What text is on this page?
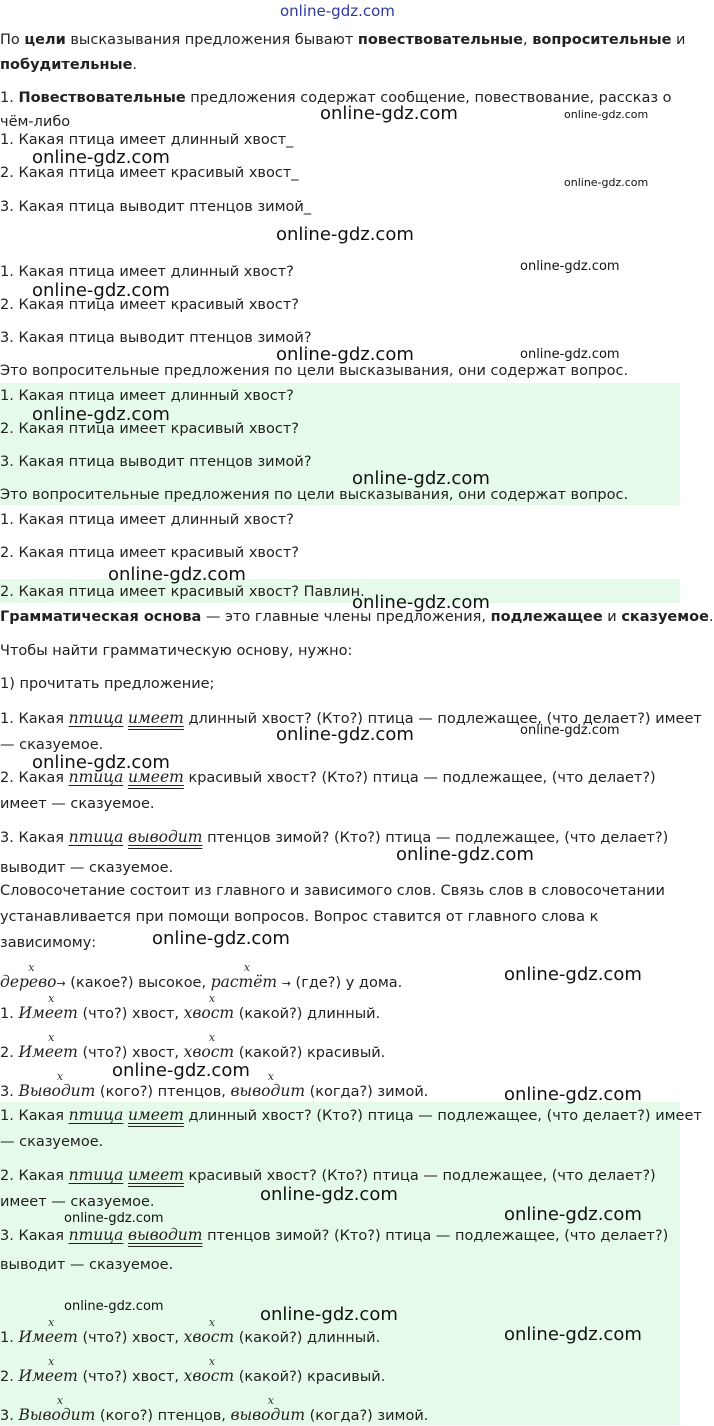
online-gdz.com
По цели высказывания предложения бывают повествовательные, вопросительные и
побудительные.
1. Повествовательные предложения содержат сообщение, повествование, рассказ о
чём-либо
1. Какая птица имеет длинный хвост_
2. Какая птица имеет красивый хвост_
3. Какая птица выводит птенцов зимой_
1. Какая птица имеет длинный хвост?
2. Какая птица имеет красивый хвост?
3. Какая птица выводит птенцов зимой?
Это вопросительные предложения по цели высказывания, они содержат вопрос.
1. Какая птица имеет длинный хвост?
2. Какая птица имеет красивый хвост?
3. Какая птица выводит птенцов зимой?
Это вопросительные предложения по цели высказывания, они содержат вопрос.
1. Какая птица имеет длинный хвост?
2. Какая птица имеет красивый хвост?
2. Какая птица имеет красивый хвост? Павлин.
Грамматическая основа — это главные члены предложения, подлежащее и сказуемое.
Чтобы найти грамматическую основу, нужно:
1) прочитать предложение;
1. Какая птица имеет длинный хвост? (Кто?) птица — подлежащее, (что делает?) имеет
— сказуемое.
2. Какая птица имеет красивый хвост? (Кто?) птица — подлежащее, (что делает?)
имеет — сказуемое.
3. Какая птица выводит птенцов зимой? (Кто?) птица — подлежащее, (что делает?)
выводит — сказуемое.
Словосочетание состоит из главного и зависимого слов. Связь слов в словосочетании
устанавливается при помощи вопросов. Вопрос ставится от главного слова к
зависимому:
x дерево→ (какое?) высокое, x растёт → (где?) у дома.
1. x Имеет (что?) хвост, x хвост (какой?) длинный.
2. x Имеет (что?) хвост, x хвост (какой?) красивый.
3. x Выводит (кого?) птенцов, x выводит (когда?) зимой.
1. Какая птица имеет длинный хвост? (Кто?) птица — подлежащее, (что делает?) имеет
— сказуемое.
2. Какая птица имеет красивый хвост? (Кто?) птица — подлежащее, (что делает?)
имеет — сказуемое.
3. Какая птица выводит птенцов зимой? (Кто?) птица — подлежащее, (что делает?)
выводит — сказуемое.
1. x Имеет (что?) хвост, x хвост (какой?) длинный.
2. x Имеет (что?) хвост, x хвост (какой?) красивый.
3. x Выводит (кого?) птенцов, x выводит (когда?) зимой.
online-gdz.com	online-gdz.com
online-gdz.com
online-gdz.com
online-gdz.com
online-gdz.com
online-gdz.com
online-gdz.com	online-gdz.com
online-gdz.com
online-gdz.com
online-gdz.com
online-gdz.com
online-gdz.com	online-gdz.com
online-gdz.com
online-gdz.com
online-gdz.com
online-gdz.com
online-gdz.com
online-gdz.com
online-gdz.com
online-gdz.com
online-gdz.com
online-gdz.com	online-gdz.com
online-gdz.com
